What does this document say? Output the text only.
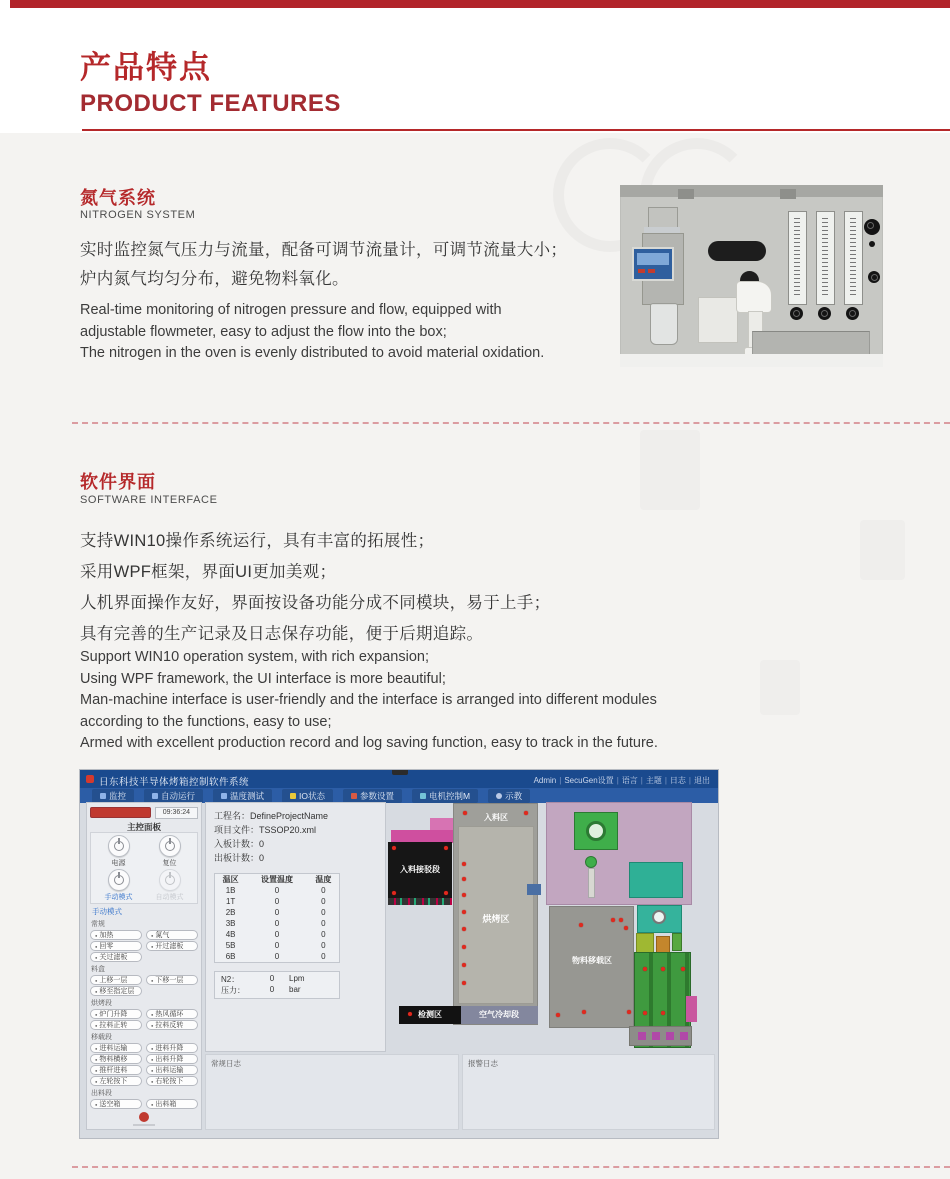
产品特点
PRODUCT FEATURES
氮气系统
NITROGEN SYSTEM
实时监控氮气压力与流量，配备可调节流量计，可调节流量大小；
炉内氮气均匀分布，避免物料氧化。
Real-time monitoring of nitrogen pressure and flow, equipped with
adjustable flowmeter, easy to adjust the flow into the box;
The nitrogen in the oven is evenly distributed to avoid material oxidation.
软件界面
SOFTWARE INTERFACE
支持WIN10操作系统运行，具有丰富的拓展性；
采用WPF框架，界面UI更加美观；
人机界面操作友好，界面按设备功能分成不同模块，易于上手；
具有完善的生产记录及日志保存功能，便于后期追踪。
Support WIN10 operation system, with rich expansion;
Using WPF framework, the UI interface is more beautiful;
Man-machine interface is user-friendly and the interface is arranged into different modules
according to the functions, easy to use;
Armed with excellent production record and log saving function, easy to track in the future.
日东科技半导体烤箱控制软件系统	Admin | SecuGen设置 | 语言 | 主题 | 日志 | 退出
监控	自动运行	温度测试	IO状态	参数设置	电机控制M	示教
09:36:24
主控面板
电源	复位
手动模式	自动模式
手动模式
常规
● 加热	● 氮气
● 回零	● 开过滤板
● 关过滤板
料盒
● 上移一层	● 下移一层
● 移至指定层
烘烤段
● 炉门升降	● 热风循环
● 拉料正转	● 拉料反转
移载段
● 进料运输	● 进料升降
● 物料横移	● 出料升降
● 推杆进料	● 出料运输
● 左轮按下	● 右轮按下
出料段
● 送空箱	● 出料箱
工程名：DefineProjectName
项目文件：TSSOP20.xml
入板计数：0
出板计数：0
温区	设置温度	温度
1B	0	0
1T	0	0
2B	0	0
3B	0	0
4B	0	0
5B	0	0
6B	0	0
N2：	0	Lpm
压力：	0	bar
入料接驳段
入料区
烘烤区
空气冷却段
检测区
物料移载区
常规日志	报警日志
